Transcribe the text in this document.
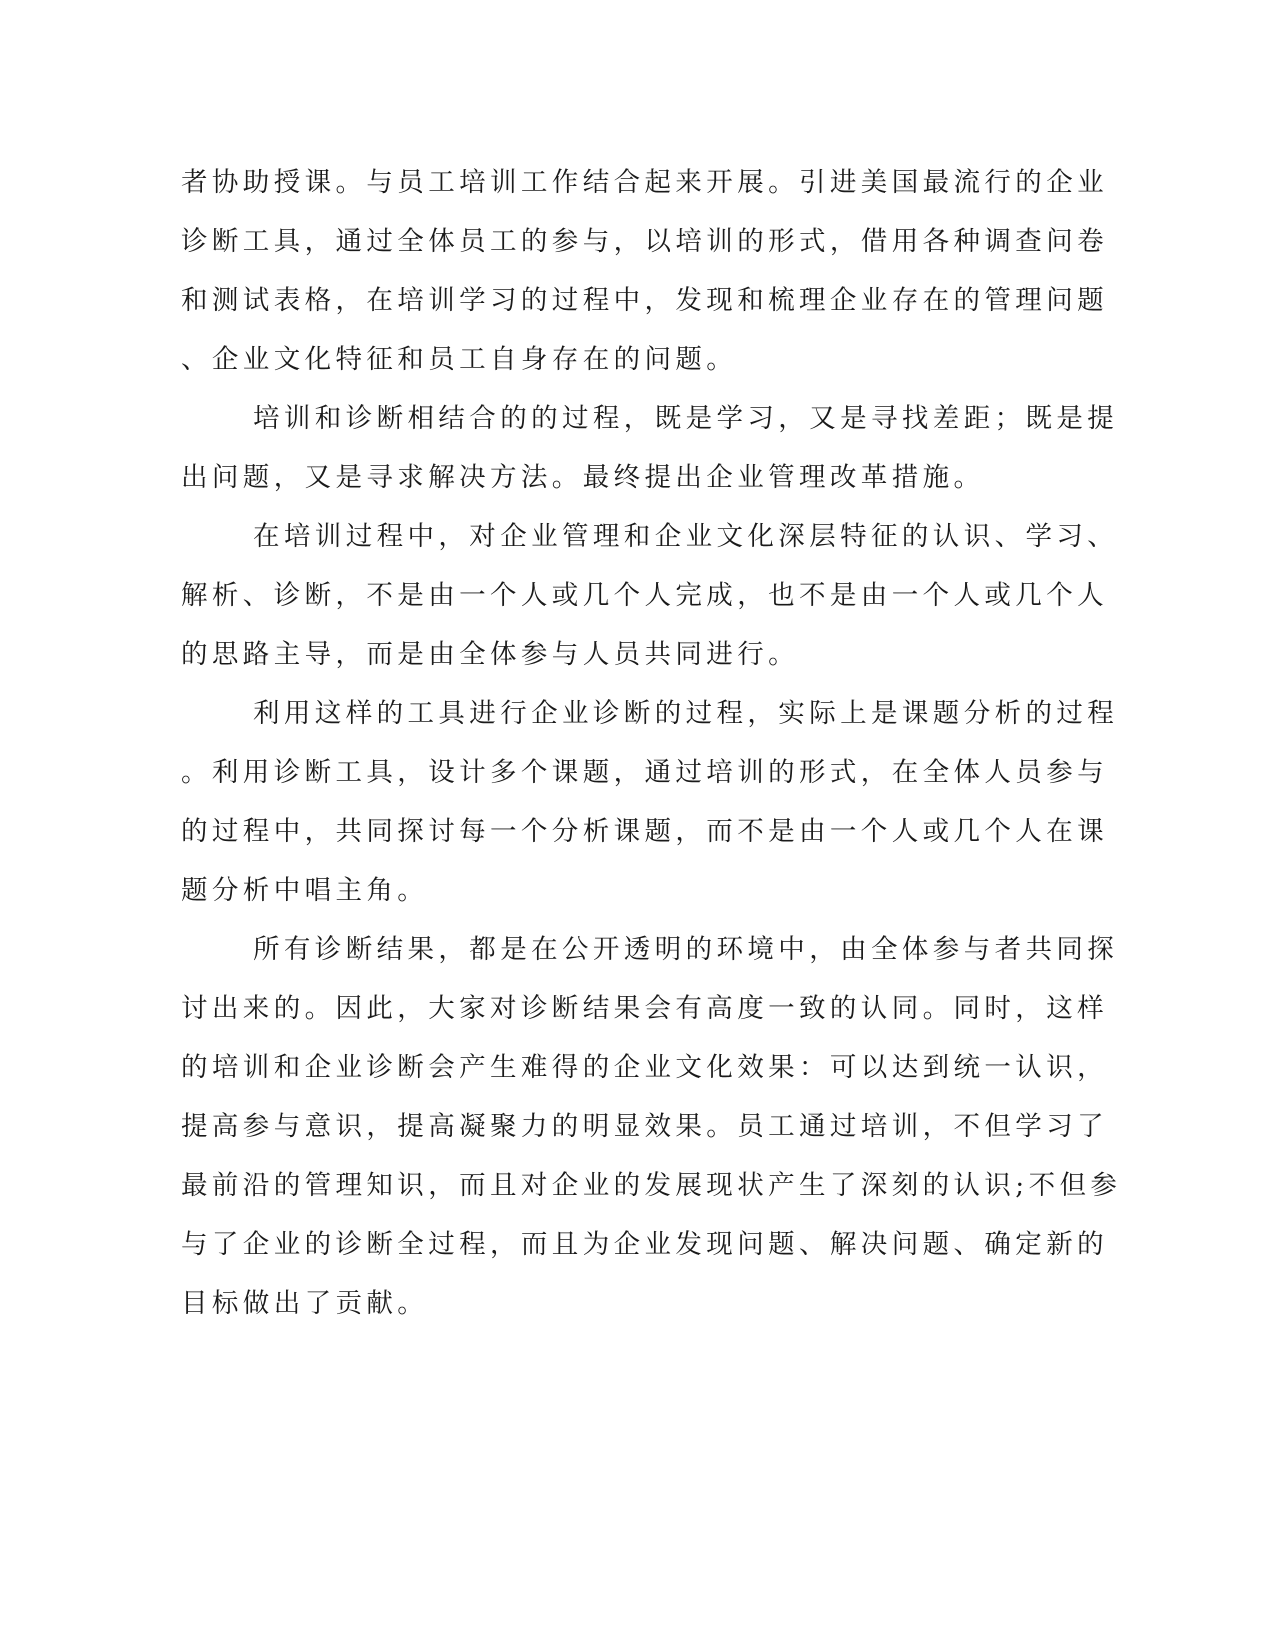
者协助授课。与员工培训工作结合起来开展。引进美国最流行的企业
诊断工具，通过全体员工的参与，以培训的形式，借用各种调查问卷
和测试表格，在培训学习的过程中，发现和梳理企业存在的管理问题
、企业文化特征和员工自身存在的问题。
培训和诊断相结合的的过程，既是学习，又是寻找差距；既是提
出问题，又是寻求解决方法。最终提出企业管理改革措施。
在培训过程中，对企业管理和企业文化深层特征的认识、学习、
解析、诊断，不是由一个人或几个人完成，也不是由一个人或几个人
的思路主导，而是由全体参与人员共同进行。
利用这样的工具进行企业诊断的过程，实际上是课题分析的过程
。利用诊断工具，设计多个课题，通过培训的形式，在全体人员参与
的过程中，共同探讨每一个分析课题，而不是由一个人或几个人在课
题分析中唱主角。
所有诊断结果，都是在公开透明的环境中，由全体参与者共同探
讨出来的。因此，大家对诊断结果会有高度一致的认同。同时，这样
的培训和企业诊断会产生难得的企业文化效果：可以达到统一认识，
提高参与意识，提高凝聚力的明显效果。员工通过培训，不但学习了
最前沿的管理知识，而且对企业的发展现状产生了深刻的认识;不但参
与了企业的诊断全过程，而且为企业发现问题、解决问题、确定新的
目标做出了贡献。
